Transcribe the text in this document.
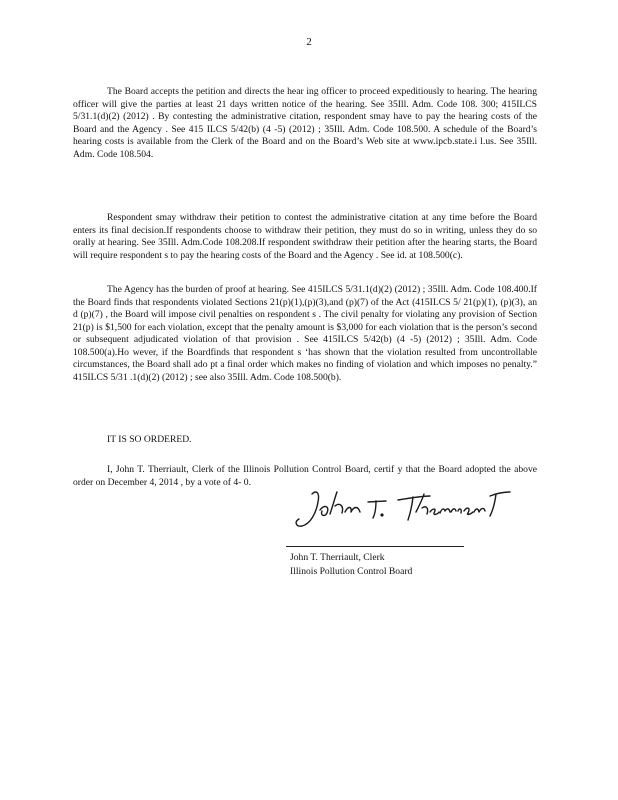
2

The Board accepts the petition and directs the hear ing officer to proceed expeditiously to hearing. The hearing officer will give the parties at least 21 days written notice of the hearing. See 35Ill. Adm. Code 108. 300; 415ILCS 5/31.1(d)(2) (2012) . By contesting the administrative citation, respondent smay have to pay the hearing costs of the Board and the Agency . See 415 ILCS 5/42(b) (4 -5) (2012) ; 35Ill. Adm. Code 108.500. A schedule of the Board’s hearing costs is available from the Clerk of the Board and on the Board’s Web site at www.ipcb.state.i l.us. See 35Ill. Adm. Code 108.504.

Respondent smay withdraw their petition to contest the administrative citation at any time before the Board enters its final decision.If respondents choose to withdraw their petition, they must do so in writing, unless they do so orally at hearing. See 35Ill. Adm.Code 108.208.If respondent swithdraw their petition after the hearing starts, the Board will require respondent s to pay the hearing costs of the Board and the Agency . See id. at 108.500(c).

The Agency has the burden of proof at hearing. See 415ILCS 5/31.1(d)(2) (2012) ; 35Ill. Adm. Code 108.400.If the Board finds that respondents violated Sections 21(p)(1),(p)(3),and (p)(7) of the Act (415ILCS 5/ 21(p)(1), (p)(3), an d (p)(7) , the Board will impose civil penalties on respondent s . The civil penalty for violating any provision of Section 21(p) is $1,500 for each violation, except that the penalty amount is $3,000 for each violation that is the person’s second or subsequent adjudicated violation of that provision . See 415ILCS 5/42(b) (4 -5) (2012) ; 35Ill. Adm. Code 108.500(a).Ho wever, if the Boardfinds that respondent s ‘has shown that the violation resulted from uncontrollable circumstances, the Board shall ado pt a final order which makes no finding of violation and which imposes no penalty.” 415ILCS 5/31 .1(d)(2) (2012) ; see also 35Ill. Adm. Code 108.500(b).

IT IS SO ORDERED.

I, John T. Therriault, Clerk of the Illinois Pollution Control Board, certif y that the Board adopted the above order on December 4, 2014 , by a vote of 4- 0.

John T. Therriault, Clerk
Illinois Pollution Control Board
